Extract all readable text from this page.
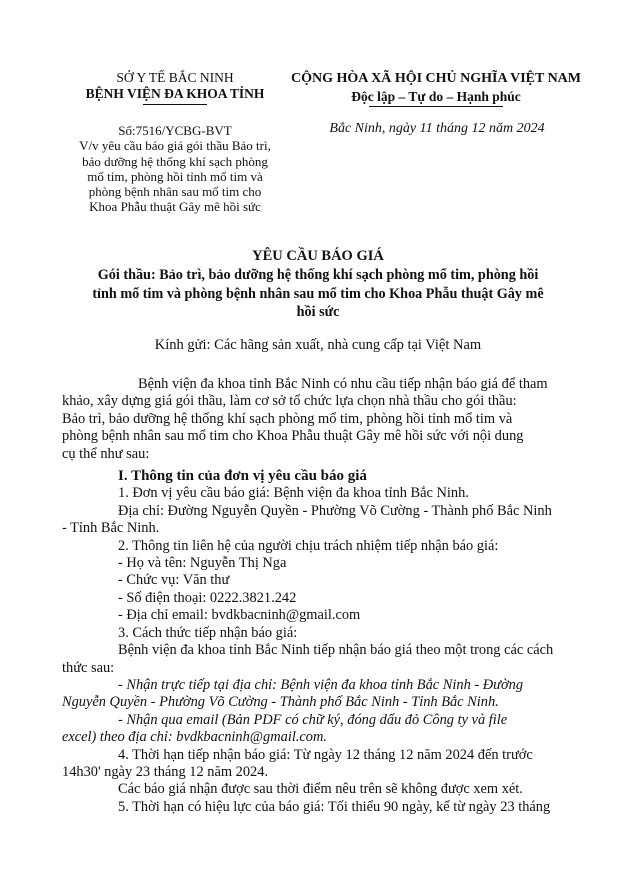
SỞ Y TẾ BẮC NINH
BỆNH VIỆN ĐA KHOA TỈNH
CỘNG HÒA XÃ HỘI CHỦ NGHĨA VIỆT NAM
Độc lập – Tự do – Hạnh phúc
Số:7516/YCBG-BVT
V/v yêu cầu báo giá gói thầu Bảo trì,
bảo dưỡng hệ thống khí sạch phòng
mổ tim, phòng hồi tỉnh mổ tim và
phòng bệnh nhân sau mổ tim cho
Khoa Phẫu thuật Gây mê hồi sức
Bắc Ninh, ngày 11 tháng 12 năm 2024
YÊU CẦU BÁO GIÁ
Gói thầu: Bảo trì, bảo dưỡng hệ thống khí sạch phòng mổ tim, phòng hồi
tỉnh mổ tim và phòng bệnh nhân sau mổ tim cho Khoa Phẫu thuật Gây mê
hồi sức
Kính gửi: Các hãng sản xuất, nhà cung cấp tại Việt Nam

Bệnh viện đa khoa tỉnh Bắc Ninh có nhu cầu tiếp nhận báo giá để tham

khảo, xây dựng giá gói thầu, làm cơ sở tổ chức lựa chọn nhà thầu cho gói thầu:

Bảo trì, bảo dưỡng hệ thống khí sạch phòng mổ tim, phòng hồi tỉnh mổ tim và

phòng bệnh nhân sau mổ tim cho Khoa Phẫu thuật Gây mê hồi sức với nội dung

cụ thể như sau:

I. Thông tin của đơn vị yêu cầu báo giá

1. Đơn vị yêu cầu báo giá: Bệnh viện đa khoa tỉnh Bắc Ninh.

Địa chỉ: Đường Nguyễn Quyền - Phường Võ Cường - Thành phố Bắc Ninh

- Tỉnh Bắc Ninh.

2. Thông tin liên hệ của người chịu trách nhiệm tiếp nhận báo giá:

- Họ và tên: Nguyễn Thị Nga

- Chức vụ: Văn thư

- Số điện thoại: 0222.3821.242

- Địa chỉ email: bvdkbacninh@gmail.com

3. Cách thức tiếp nhận báo giá:

Bệnh viện đa khoa tỉnh Bắc Ninh tiếp nhận báo giá theo một trong các cách

thức sau:

- Nhận trực tiếp tại địa chỉ: Bệnh viện đa khoa tỉnh Bắc Ninh - Đường

Nguyễn Quyền - Phường Võ Cường - Thành phố Bắc Ninh - Tỉnh Bắc Ninh.

- Nhận qua email (Bản PDF có chữ ký, đóng dấu đỏ Công ty và file

excel) theo địa chỉ: bvdkbacninh@gmail.com.

4. Thời hạn tiếp nhận báo giá: Từ ngày 12 tháng 12 năm 2024 đến trước

14h30' ngày 23 tháng 12 năm 2024.

Các báo giá nhận được sau thời điểm nêu trên sẽ không được xem xét.

5. Thời hạn có hiệu lực của báo giá: Tối thiểu 90 ngày, kể từ ngày 23 tháng
